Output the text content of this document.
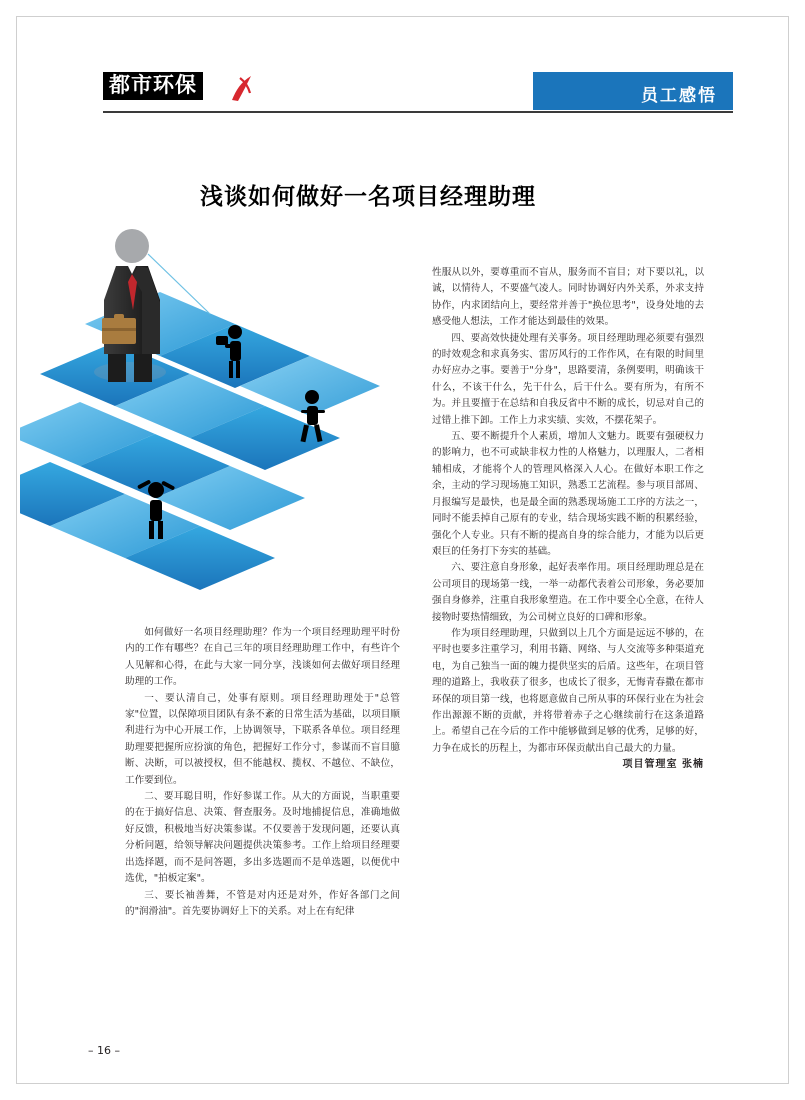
都市环保	员工感悟
浅谈如何做好一名项目经理助理

如何做好一名项目经理助理？作为一个项目经理助理平时份内的工作有哪些？在自己三年的项目经理助理工作中，有些许个人见解和心得，在此与大家一同分享，浅谈如何去做好项目经理助理的工作。

一、要认清自己，处事有原则。项目经理助理处于"总管家"位置，以保障项目团队有条不紊的日常生活为基础，以项目顺利进行为中心开展工作，上协调领导，下联系各单位。项目经理助理要把握所应扮演的角色，把握好工作分寸，参谋而不盲目臆断、决断，可以被授权，但不能越权、揽权、不越位、不缺位，工作要到位。

二、要耳聪目明，作好参谋工作。从大的方面说，当职重要的在于搞好信息、决策、督查服务。及时地捕捉信息，准确地做好反馈，积极地当好决策参谋。不仅要善于发现问题，还要认真分析问题，给领导解决问题提供决策参考。工作上给项目经理要出选择题，而不是问答题，多出多选题而不是单选题，以便优中选优，"拍板定案"。

三、要长袖善舞，不管是对内还是对外，作好各部门之间的"润滑油"。首先要协调好上下的关系。对上在有纪律

性服从以外，要尊重而不盲从，服务而不盲目；对下要以礼，以诚，以情待人，不要盛气凌人。同时协调好内外关系，外求支持协作，内求团结向上，要经常并善于"换位思考"，设身处地的去感受他人想法，工作才能达到最佳的效果。

四、要高效快捷处理有关事务。项目经理助理必须要有强烈的时效观念和求真务实、雷厉风行的工作作风，在有限的时间里办好应办之事。要善于"分身"，思路要清，条例要明，明确该干什么，不该干什么，先干什么，后干什么。要有所为，有所不为。并且要擅于在总结和自我反省中不断的成长，切忌对自己的过错上推下卸。工作上力求实绩、实效，不摆花架子。

五、要不断提升个人素质，增加人文魅力。既要有强硬权力的影响力，也不可或缺非权力性的人格魅力，以理服人，二者相辅相成，才能将个人的管理风格深入人心。在做好本职工作之余，主动的学习现场施工知识，熟悉工艺流程。参与项目部周、月报编写是最快，也是最全面的熟悉现场施工工序的方法之一，同时不能丢掉自己原有的专业，结合现场实践不断的积累经验，强化个人专业。只有不断的提高自身的综合能力，才能为以后更艰巨的任务打下夯实的基础。

六、要注意自身形象，起好表率作用。项目经理助理总是在公司项目的现场第一线，一举一动都代表着公司形象，务必要加强自身修养，注重自我形象塑造。在工作中要全心全意，在待人接物时要热情细致，为公司树立良好的口碑和形象。

作为项目经理助理，只做到以上几个方面是远远不够的，在平时也要多注重学习，利用书籍、网络、与人交流等多种渠道充电，为自己独当一面的魄力提供坚实的后盾。这些年，在项目管理的道路上，我收获了很多，也成长了很多，无悔青春撒在都市环保的项目第一线，也将愿意做自己所从事的环保行业在为社会作出源源不断的贡献，并将带着赤子之心继续前行在这条道路上。希望自己在今后的工作中能够做到足够的优秀，足够的好，力争在成长的历程上，为都市环保贡献出自己最大的力量。

项目管理室 张楠

– 16 –
